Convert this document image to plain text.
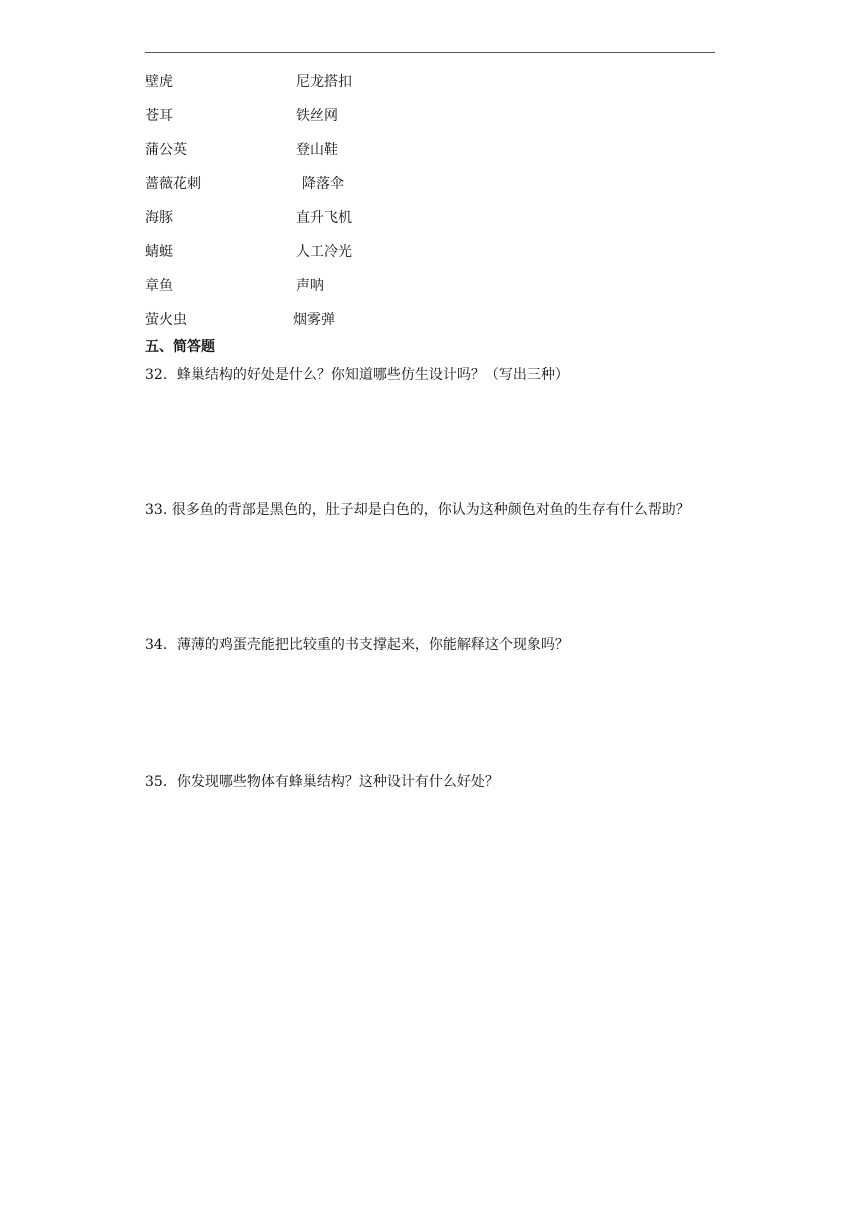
壁虎
苍耳
蒲公英
蔷薇花刺
海豚
蜻蜓
章鱼
萤火虫
尼龙搭扣
铁丝网
登山鞋
降落伞
直升飞机
人工冷光
声呐
烟雾弹
五、简答题
32．蜂巢结构的好处是什么？你知道哪些仿生设计吗？（写出三种）
33. 很多鱼的背部是黑色的，肚子却是白色的，你认为这种颜色对鱼的生存有什么帮助？
34．薄薄的鸡蛋壳能把比较重的书支撑起来，你能解释这个现象吗？
35．你发现哪些物体有蜂巢结构？这种设计有什么好处？
